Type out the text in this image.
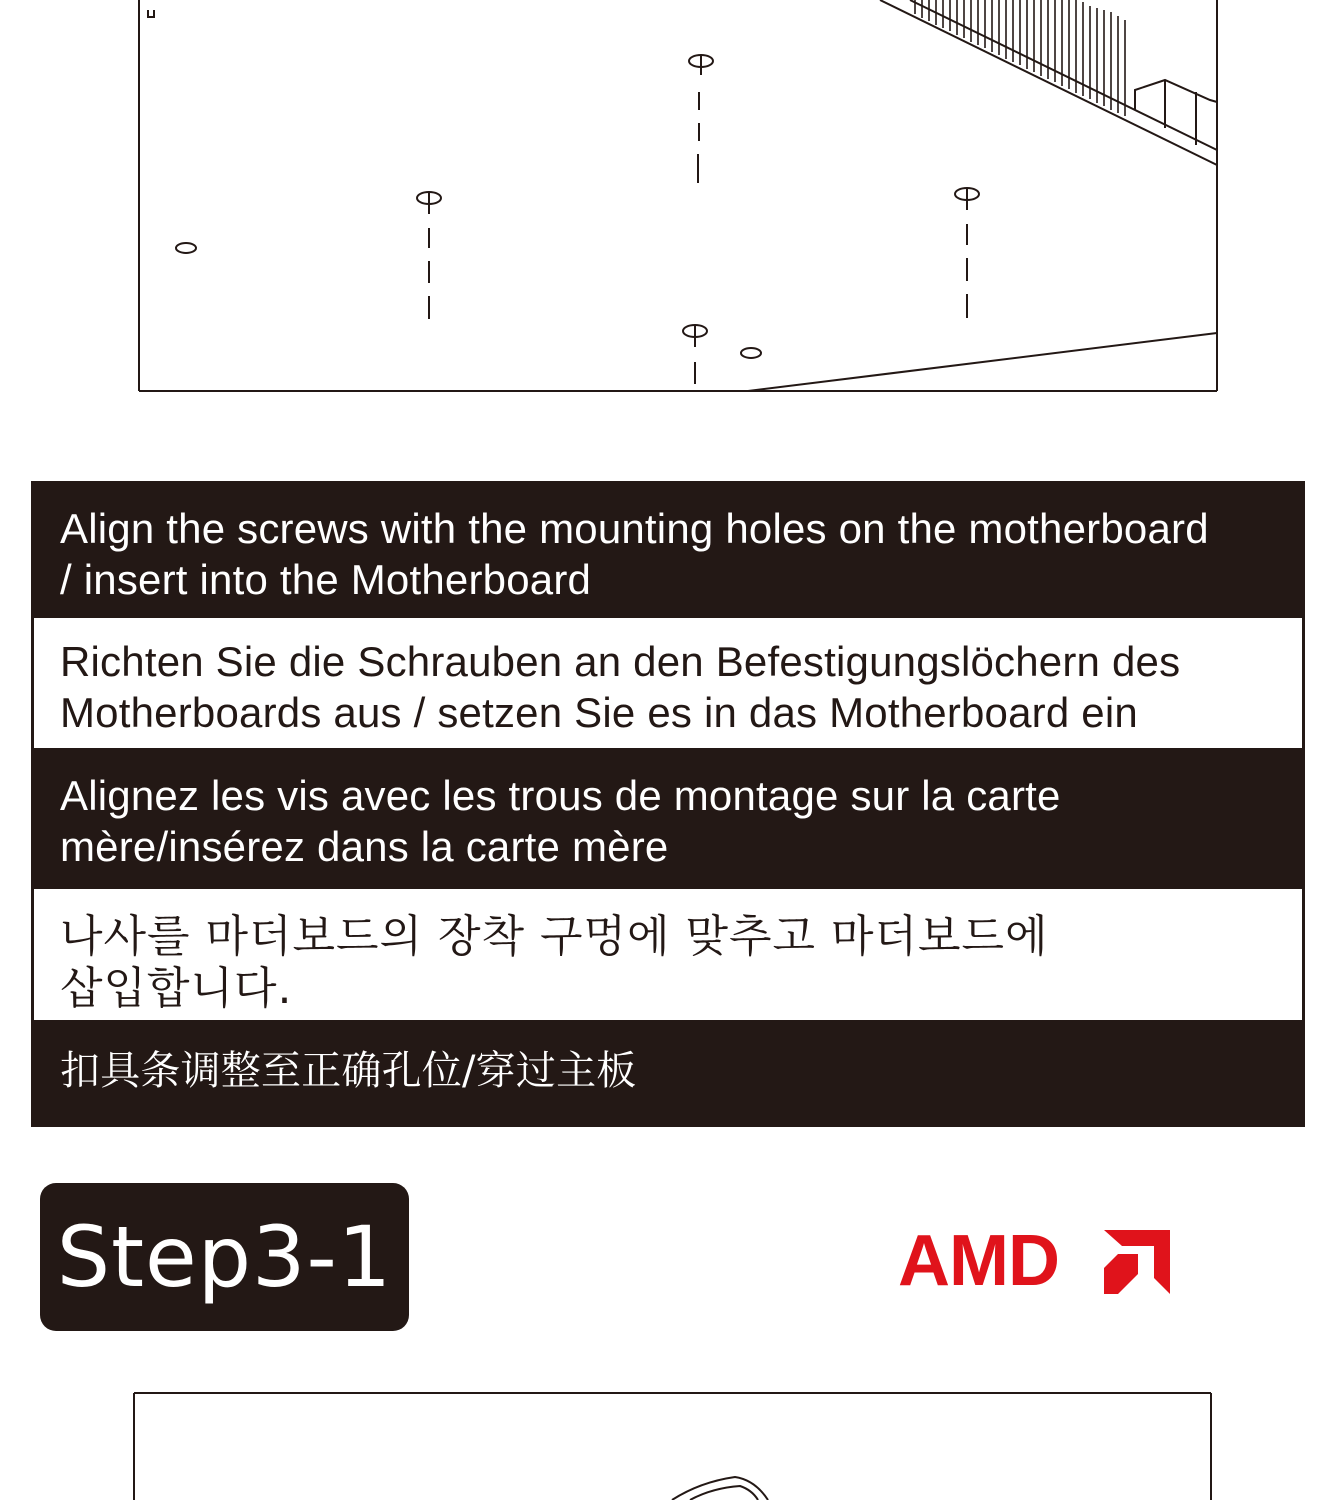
Align the screws with the mounting holes on the motherboard
/ insert into the Motherboard
Richten Sie die Schrauben an den Befestigungslöchern des
Motherboards aus / setzen Sie es in das Motherboard ein
Alignez les vis avec les trous de montage sur la carte
mère/insérez dans la carte mère
나사를 마더보드의 장착 구멍에 맞추고 마더보드에
삽입합니다.
扣具条调整至正确孔位/穿过主板
Step3-1	AMD
